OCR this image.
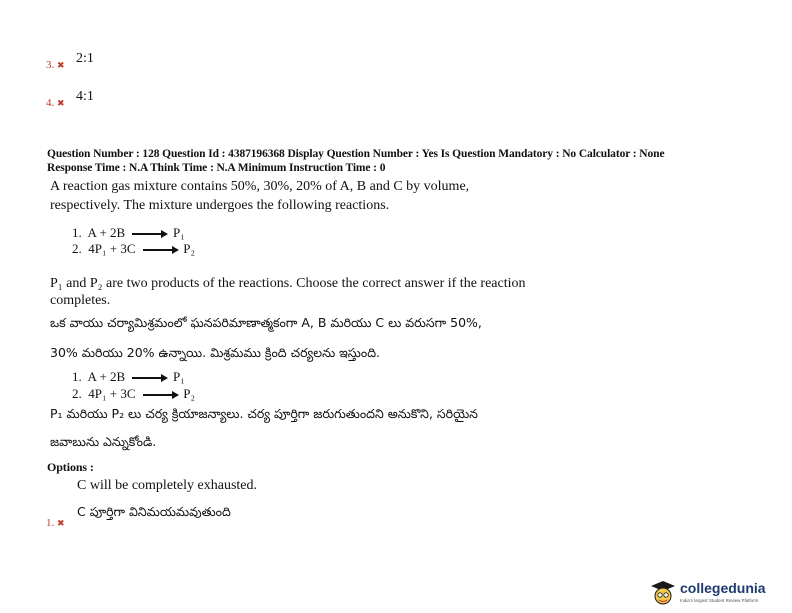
3. ✖ 2:1
4. ✖ 4:1
Question Number : 128 Question Id : 4387196368 Display Question Number : Yes Is Question Mandatory : No Calculator : None
Response Time : N.A Think Time : N.A Minimum Instruction Time : 0
A reaction gas mixture contains 50%, 30%, 20% of A, B and C by volume,
respectively. The mixture undergoes the following reactions.
1. A + 2B → P₁
2. 4P₁ + 3C → P₂
P₁ and P₂ are two products of the reactions. Choose the correct answer if the reaction
completes.
ఒక వాయు చర్యామిశ్రమంలో ఘనపరిమాణాత్మకంగా A, B మరియు C లు వరుసగా 50%,
30% మరియు 20% ఉన్నాయి. మిశ్రమము క్రింది చర్యలను ఇస్తుంది.
1. A + 2B → P₁
2. 4P₁ + 3C → P₂
P₁ మరియు P₂ లు చర్య క్రియాజన్యాలు. చర్య పూర్తిగా జరుగుతుందని అనుకొని, సరియైన
జవాబును ఎన్నుకోండి.
Options :
C will be completely exhausted.
C పూర్తిగా వినిమయమవుతుంది
1. ✖
collegedunia
India's largest Student Review Platform
